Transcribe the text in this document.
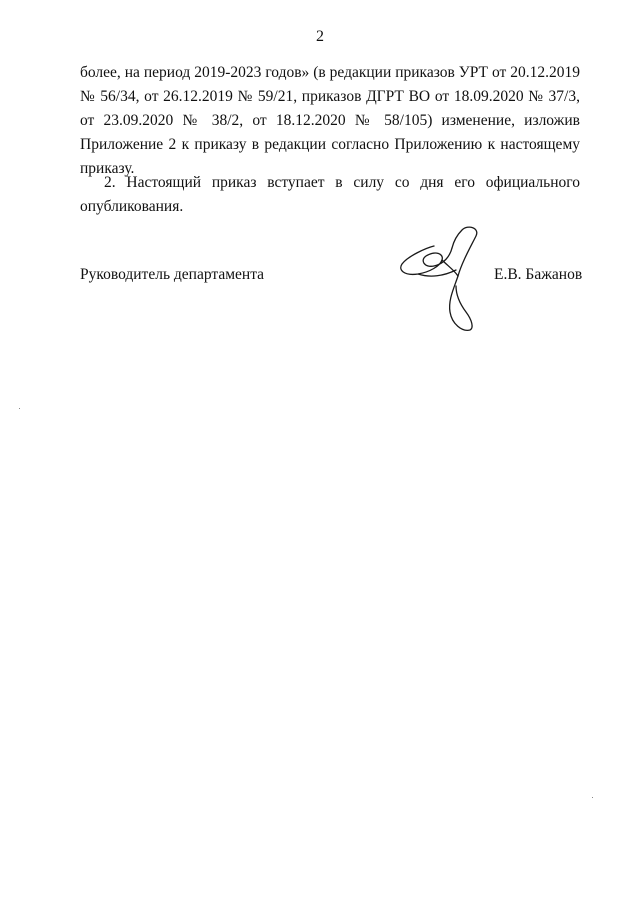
2

более, на период 2019-2023 годов» (в редакции приказов УРТ от 20.12.2019 № 56/34, от 26.12.2019 № 59/21, приказов ДГРТ ВО от 18.09.2020 № 37/3, от 23.09.2020 № 38/2, от 18.12.2020 № 58/105) изменение, изложив Приложение 2 к приказу в редакции согласно Приложению к настоящему приказу.

2. Настоящий приказ вступает в силу со дня его официального опубликования.

Руководитель департамента	Е.В. Бажанов
